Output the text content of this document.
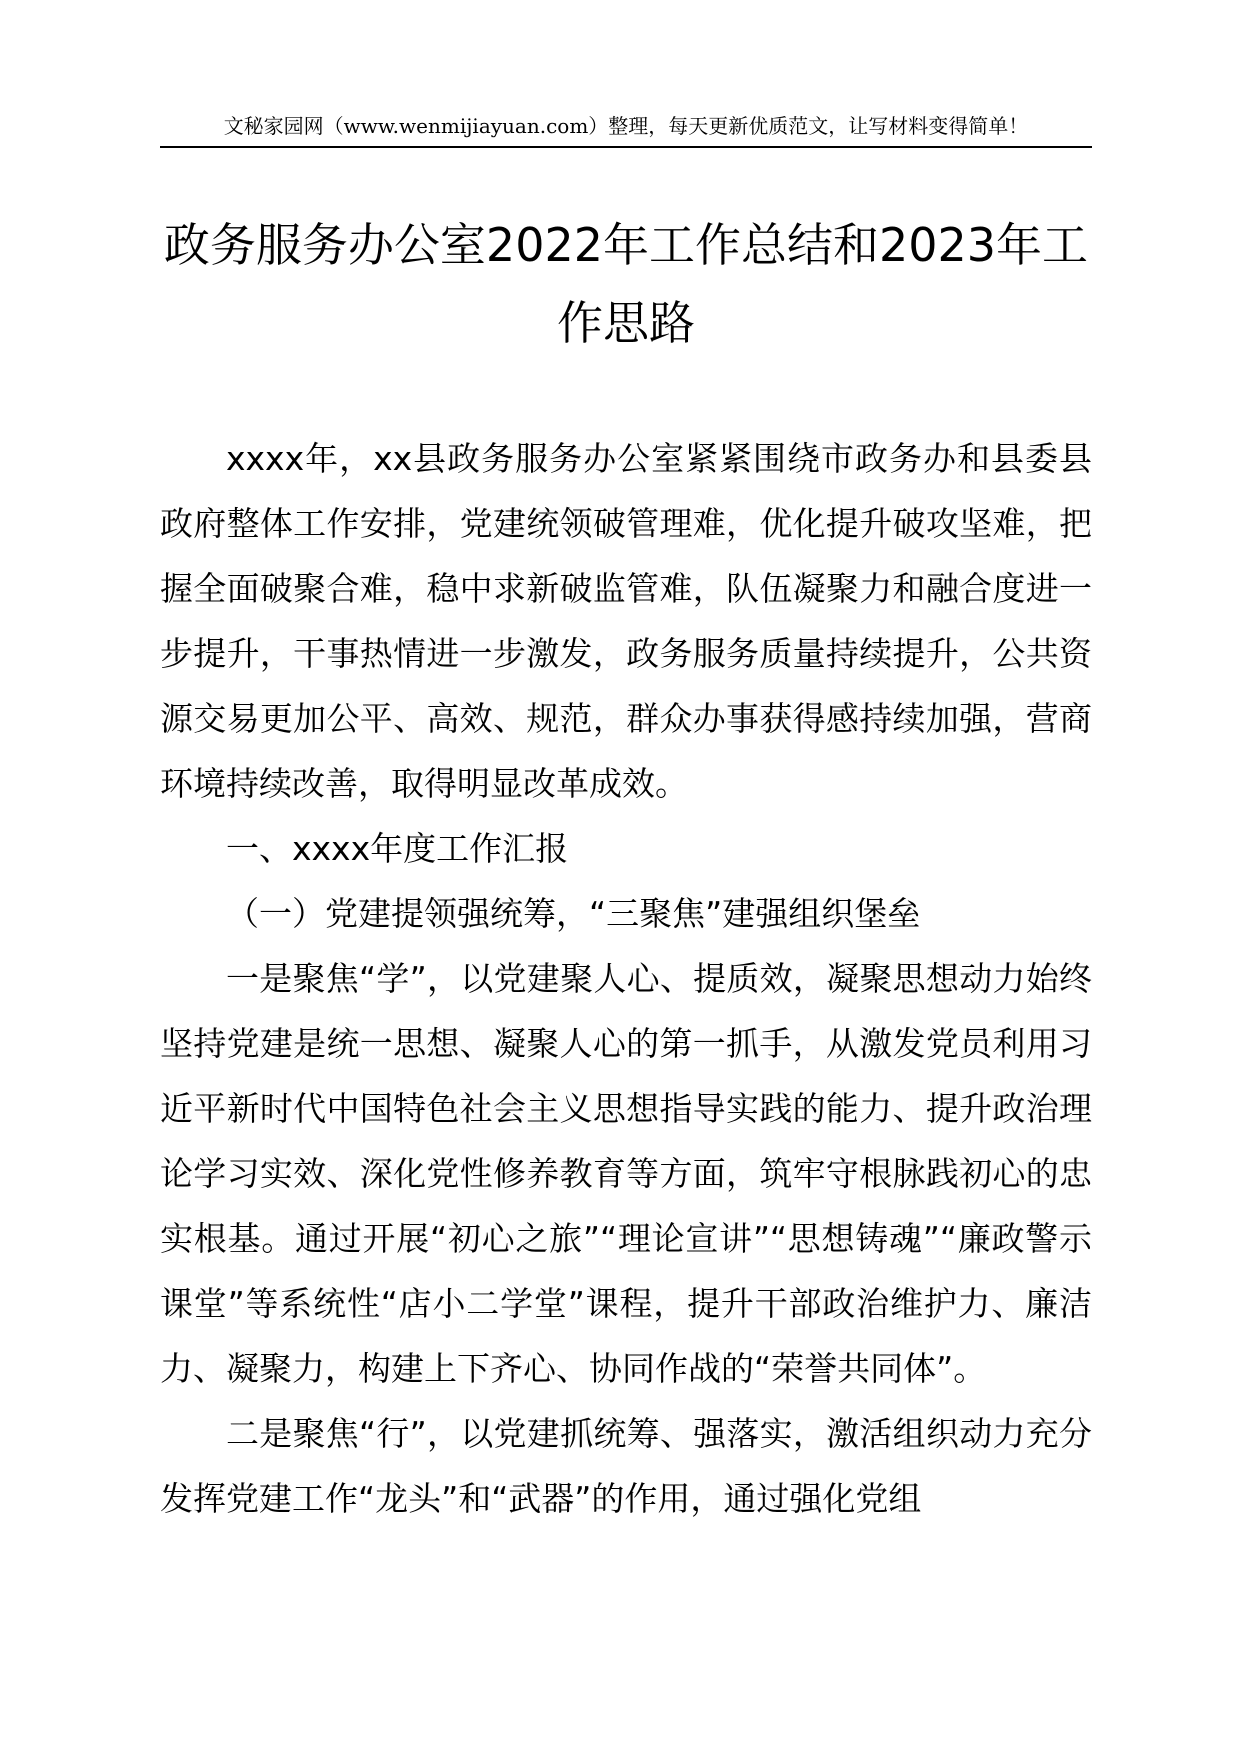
文秘家园网（www.wenmijiayuan.com）整理，每天更新优质范文，让写材料变得简单！
政务服务办公室2022年工作总结和2023年工作思路

xxxx年，xx县政务服务办公室紧紧围绕市政务办和县委县政府整体工作安排，党建统领破管理难，优化提升破攻坚难，把握全面破聚合难，稳中求新破监管难，队伍凝聚力和融合度进一步提升，干事热情进一步激发，政务服务质量持续提升，公共资源交易更加公平、高效、规范，群众办事获得感持续加强，营商环境持续改善，取得明显改革成效。

一、xxxx年度工作汇报

（一）党建提领强统筹，“三聚焦”建强组织堡垒

一是聚焦“学”，以党建聚人心、提质效，凝聚思想动力始终坚持党建是统一思想、凝聚人心的第一抓手，从激发党员利用习近平新时代中国特色社会主义思想指导实践的能力、提升政治理论学习实效、深化党性修养教育等方面，筑牢守根脉践初心的忠实根基。通过开展“初心之旅”“理论宣讲”“思想铸魂”“廉政警示课堂”等系统性“店小二学堂”课程，提升干部政治维护力、廉洁力、凝聚力，构建上下齐心、协同作战的“荣誉共同体”。

二是聚焦“行”，以党建抓统筹、强落实，激活组织动力充分发挥党建工作“龙头”和“武器”的作用，通过强化党组
